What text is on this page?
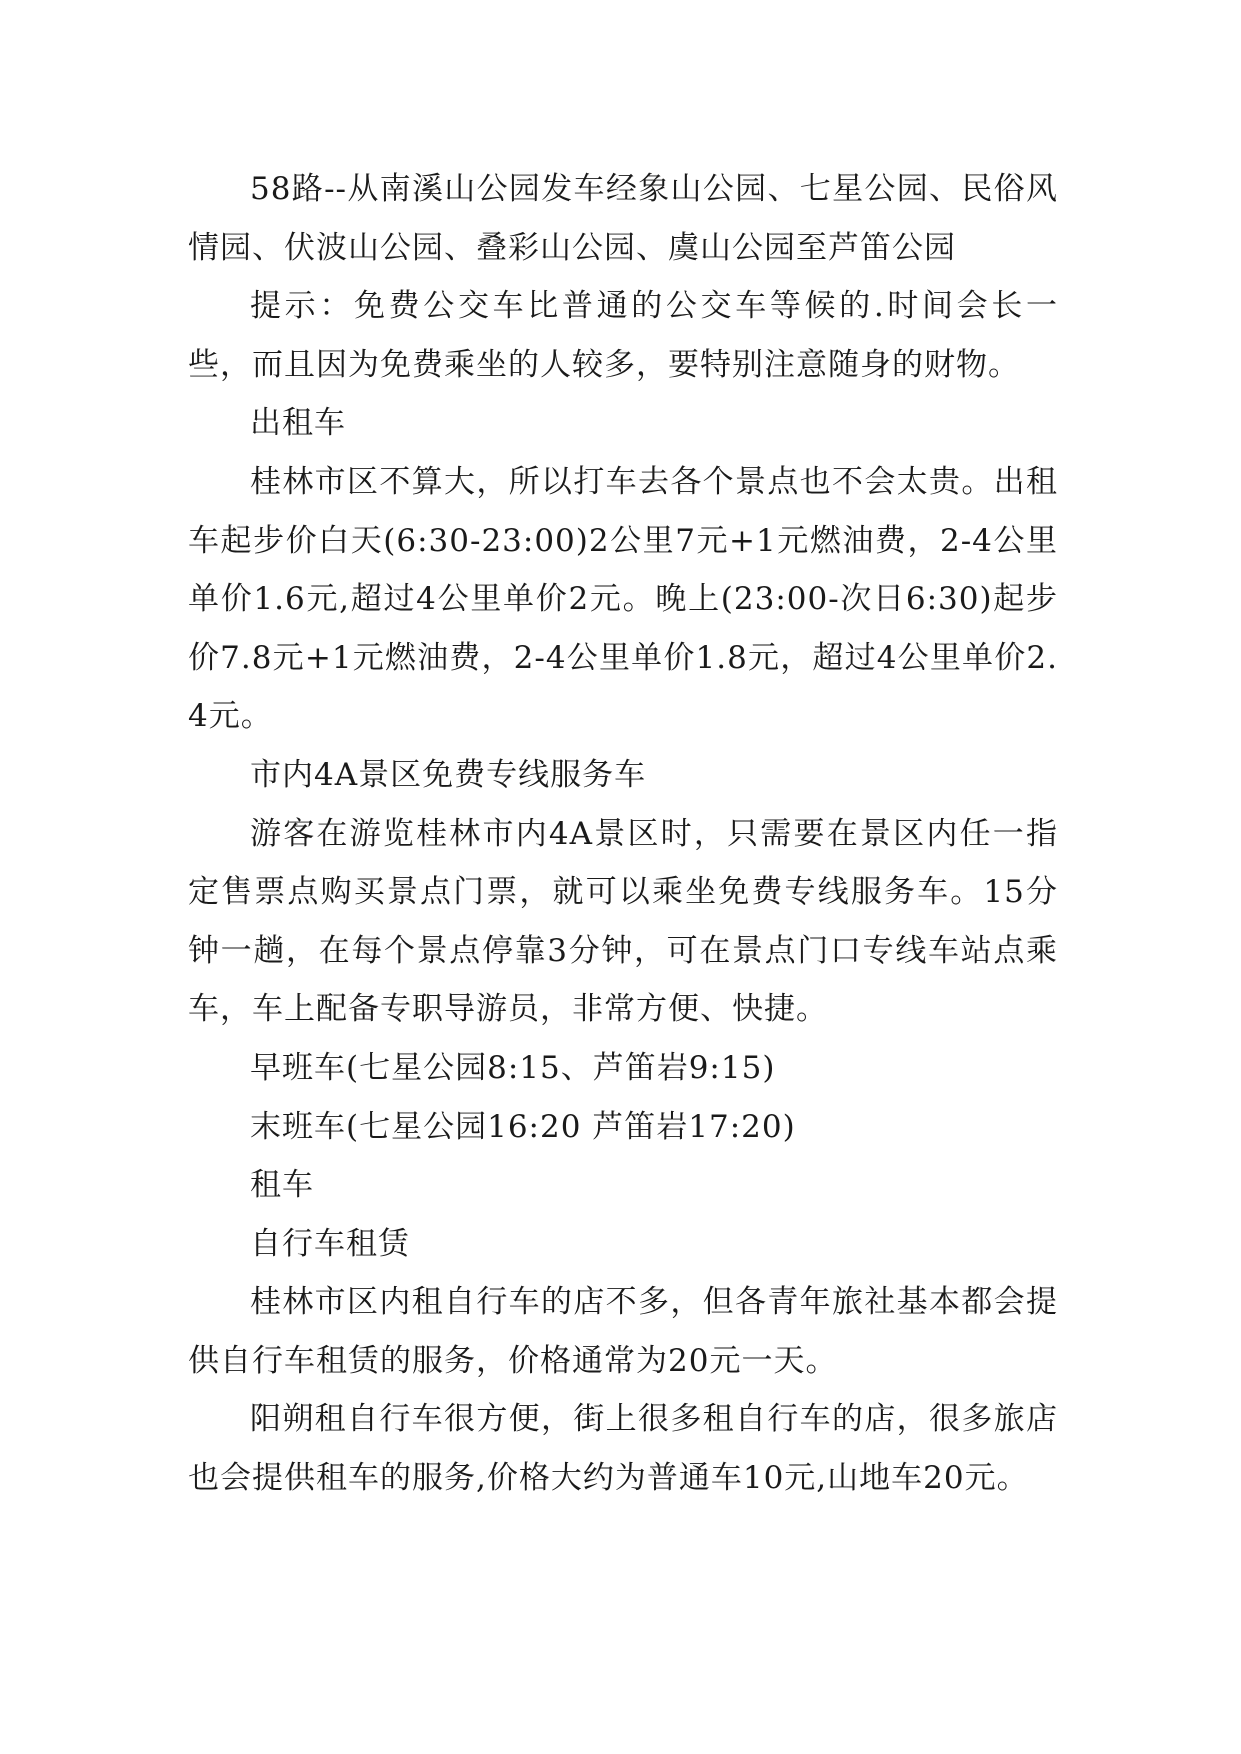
58路--从南溪山公园发车经象山公园、七星公园、民俗风情园、伏波山公园、叠彩山公园、虞山公园至芦笛公园

提示：免费公交车比普通的公交车等候的.时间会长一些，而且因为免费乘坐的人较多，要特别注意随身的财物。

出租车

桂林市区不算大，所以打车去各个景点也不会太贵。出租车起步价白天(6:30-23:00)2公里7元+1元燃油费，2-4公里单价1.6元,超过4公里单价2元。晚上(23:00-次日6:30)起步价7.8元+1元燃油费，2-4公里单价1.8元，超过4公里单价2.4元。

市内4A景区免费专线服务车

游客在游览桂林市内4A景区时，只需要在景区内任一指定售票点购买景点门票，就可以乘坐免费专线服务车。15分钟一趟，在每个景点停靠3分钟，可在景点门口专线车站点乘车，车上配备专职导游员，非常方便、快捷。

早班车(七星公园8:15、芦笛岩9:15)

末班车(七星公园16:20 芦笛岩17:20)

租车

自行车租赁

桂林市区内租自行车的店不多，但各青年旅社基本都会提供自行车租赁的服务，价格通常为20元一天。

阳朔租自行车很方便，街上很多租自行车的店，很多旅店也会提供租车的服务,价格大约为普通车10元,山地车20元。
